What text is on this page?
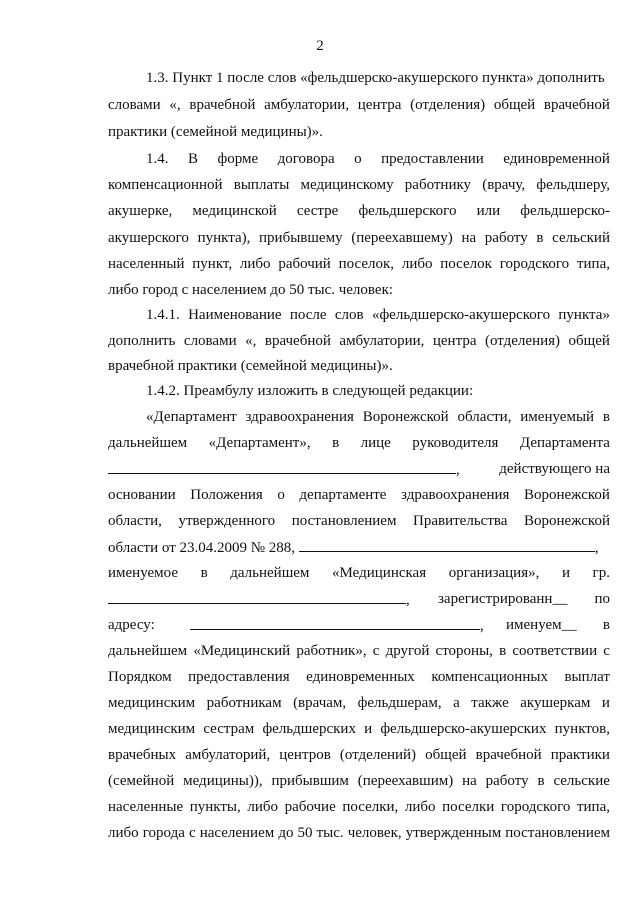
2
1.3. Пункт 1 после слов «фельдшерско-акушерского пункта» дополнить
словами «, врачебной амбулатории, центра (отделения) общей врачебной
практики (семейной медицины)».
1.4. В форме договора о предоставлении единовременной
компенсационной выплаты медицинскому работнику (врачу, фельдшеру,
акушерке, медицинской сестре фельдшерского или фельдшерско-
акушерского пункта), прибывшему (переехавшему) на работу в сельский
населенный пункт, либо рабочий поселок, либо поселок городского типа,
либо город с населением до 50 тыс. человек:
1.4.1. Наименование после слов «фельдшерско-акушерского пункта»
дополнить словами «, врачебной амбулатории, центра (отделения) общей
врачебной практики (семейной медицины)».
1.4.2. Преамбулу изложить в следующей редакции:
«Департамент здравоохранения Воронежской области, именуемый в
дальнейшем «Департамент», в лице руководителя Департамента
,	действующего на
основании Положения о департаменте здравоохранения Воронежской
области, утвержденного постановлением Правительства Воронежской
области от 23.04.2009 № 288,	,
именуемое в дальнейшем «Медицинская организация», и гр.
, зарегистрированн__ по
адресу:	, именуем__ в
дальнейшем «Медицинский работник», с другой стороны, в соответствии с
Порядком предоставления единовременных компенсационных выплат
медицинским работникам (врачам, фельдшерам, а также акушеркам и
медицинским сестрам фельдшерских и фельдшерско-акушерских пунктов,
врачебных амбулаторий, центров (отделений) общей врачебной практики
(семейной медицины)), прибывшим (переехавшим) на работу в сельские
населенные пункты, либо рабочие поселки, либо поселки городского типа,
либо города с населением до 50 тыс. человек, утвержденным постановлением
